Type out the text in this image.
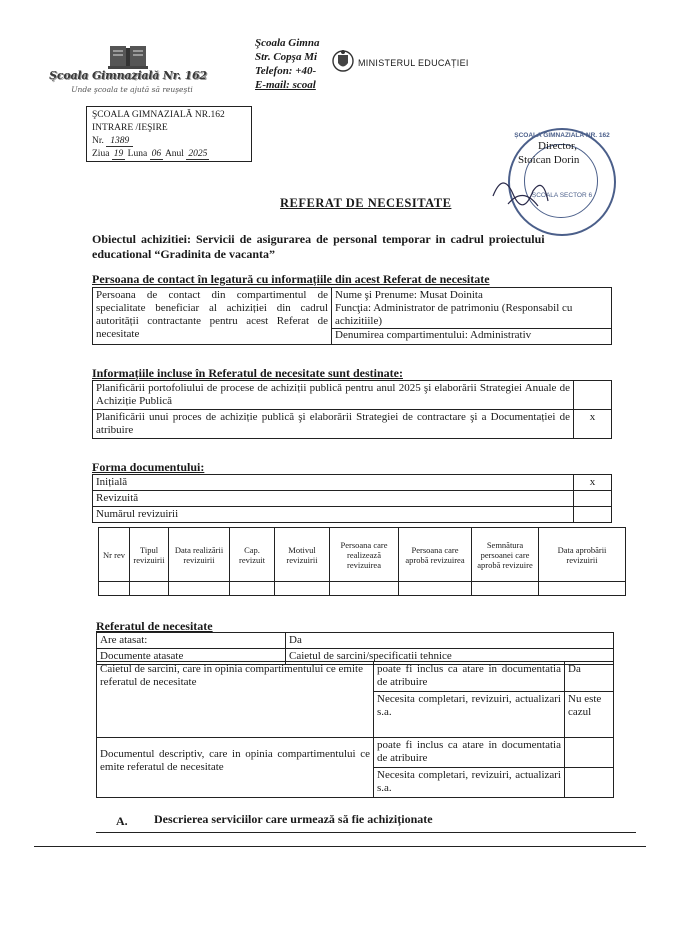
Școala Gimnazială Nr. 162
Unde şcoala te ajută să reuşeşti
Şcoala Gimna
Str. Copşa Mi
Telefon: +40-
E-mail: scoal
MINISTERUL EDUCAȚIEI
ŞCOALA GIMNAZIALĂ NR.162
INTRARE /IEŞIRE
Nr. 1389
Ziua 19 Luna 06 Anul 2025
ȘCOALA GIMNAZIALĂ NR. 162
ȘCOALA SECTOR 6
Director,
Stoican Dorin
REFERAT DE NECESITATE
Obiectul achizitiei: Servicii de asigurarea de personal temporar in cadrul proiectului
educational “Gradinita de vacanta”
Persoana de contact în legatură cu informațiile din acest Referat de necesitate
Persoana de contact din compartimentul de specialitate beneficiar al achiziției din cadrul autorității contractante pentru acest Referat de necesitate	
Nume şi Prenume: Musat Doinita
Funcţia: Administrator de patrimoniu (Responsabil cu achizitiile)
Denumirea compartimentului: Administrativ
Informațiile incluse în Referatul de necesitate sunt destinate:
Planificării portofoliului de procese de achiziții publică pentru anul 2025 şi elaborării Strategiei Anuale de Achiziție Publică	
Planificării unui proces de achiziție publică şi elaborării Strategiei de contractare şi a Documentației de atribuire	x
Forma documentului:
Inițială	x
Revizuită	
Numărul revizuirii	
Nr rev	Tipul revizuirii	Data realizării revizuirii	Cap. revizuit	Motivul revizuirii	Persoana care realizează revizuirea	Persoana care aprobă revizuirea	Semnătura persoanei care aprobă revizuire	Data aprobării revizuirii

Referatul de necesitate
Are atasat:	Da
Documente atasate	Caietul de sarcini/specificatii tehnice
Caietul de sarcini, care in opinia compartimentului ce emite referatul de necesitate	poate fi inclus ca atare in documentatia de atribuire	Da
	Necesita completari, revizuiri, actualizari s.a.	Nu este cazul
Documentul descriptiv, care in opinia compartimentului ce emite referatul de necesitate	poate fi inclus ca atare in documentatia de atribuire	
	Necesita completari, revizuiri, actualizari s.a.	
A. Descrierea serviciilor care urmează să fie achiziționate
